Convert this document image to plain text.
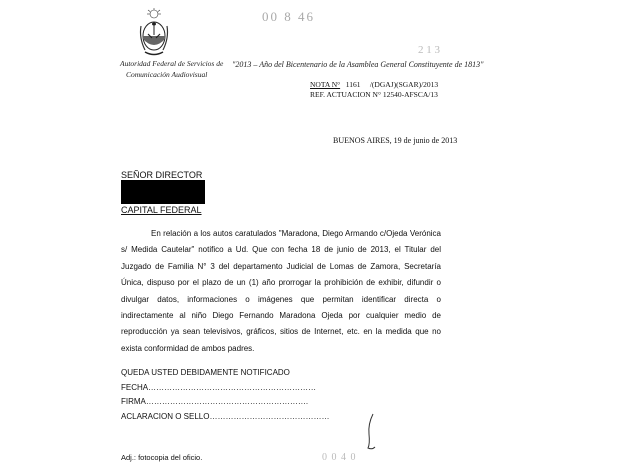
00 8 46
2 1 3
Autoridad Federal de Servicios de
Comunicación Audiovisual
"2013 – Año del Bicentenario de la Asamblea General Constituyente de 1813"
NOTA N° 1161     /(DGAJ)(SGAR)/2013
REF. ACTUACION N° 12540-AFSCA/13
BUENOS AIRES, 19 de junio de 2013
SEÑOR DIRECTOR
CAPITAL FEDERAL

En relación a los autos caratulados "Maradona, Diego Armando c/Ojeda Verónica s/ Medida Cautelar" notifico a Ud. Que con fecha 18 de junio de 2013, el Titular del Juzgado de Familia N° 3 del departamento Judicial de Lomas de Zamora, Secretaría Única, dispuso por el plazo de un (1) año prorrogar la prohibición de exhibir, difundir o divulgar datos, informaciones o imágenes que permitan identificar directa o indirectamente al niño Diego Fernando Maradona Ojeda por cualquier medio de reproducción ya sean televisivos, gráficos, sitios de Internet, etc. en la medida que no exista conformidad de ambos padres.

QUEDA USTED DEBIDAMENTE NOTIFICADO
FECHA………………………………………………………
FIRMA…………………………………………………….
ACLARACION O SELLO………………………………………
Adj.: fotocopia del oficio.	0 0 4 0
